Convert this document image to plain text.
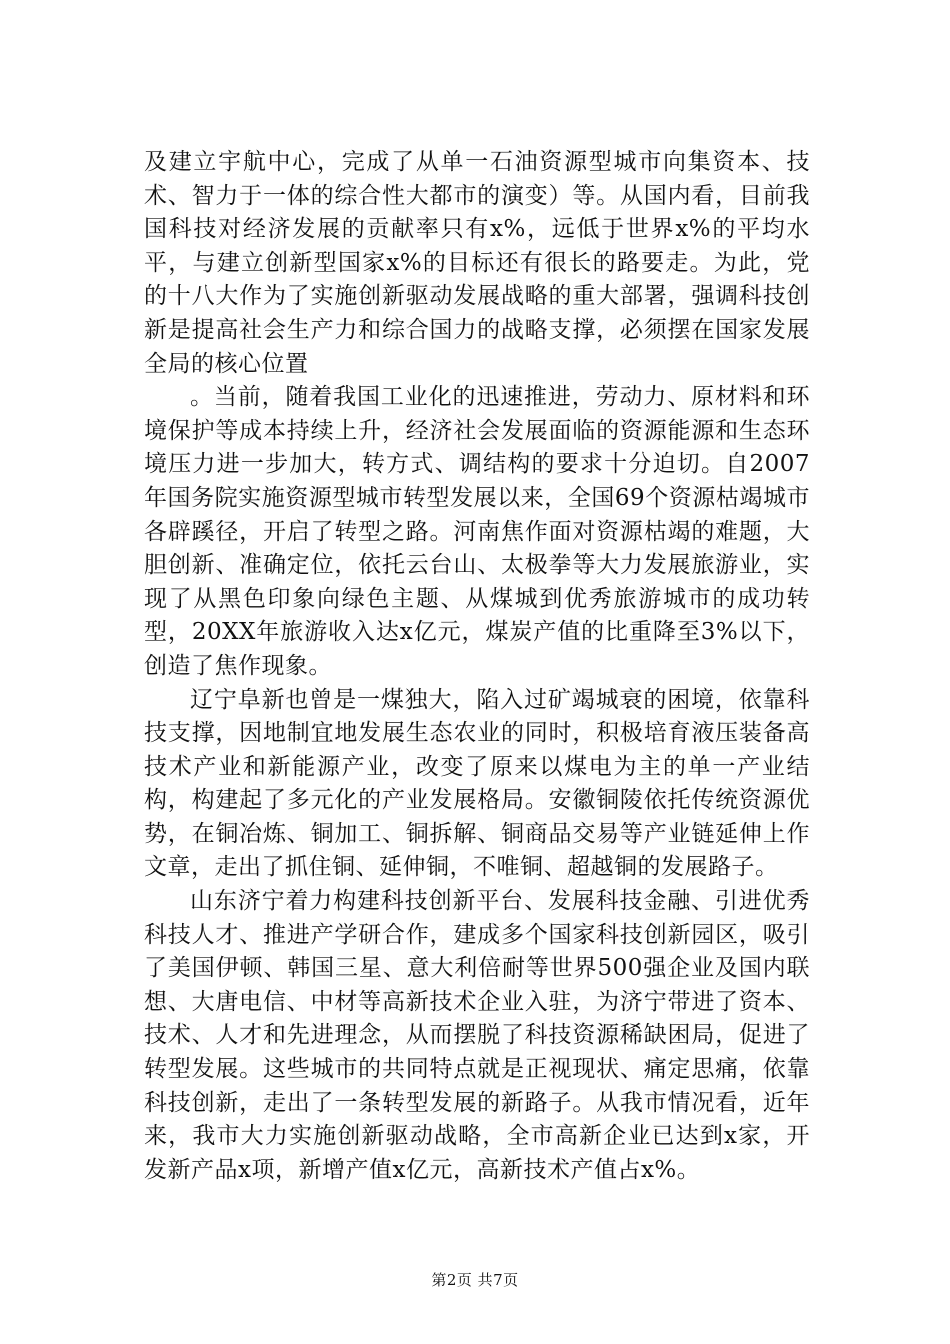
及建立宇航中心，完成了从单一石油资源型城市向集资本、技术、智力于一体的综合性大都市的演变）等。从国内看，目前我国科技对经济发展的贡献率只有x%，远低于世界x%的平均水平，与建立创新型国家x%的目标还有很长的路要走。为此，党的十八大作为了实施创新驱动发展战略的重大部署，强调科技创新是提高社会生产力和综合国力的战略支撑，必须摆在国家发展全局的核心位置

。当前，随着我国工业化的迅速推进，劳动力、原材料和环境保护等成本持续上升，经济社会发展面临的资源能源和生态环境压力进一步加大，转方式、调结构的要求十分迫切。自2007年国务院实施资源型城市转型发展以来，全国69个资源枯竭城市各辟蹊径，开启了转型之路。河南焦作面对资源枯竭的难题，大胆创新、准确定位，依托云台山、太极拳等大力发展旅游业，实现了从黑色印象向绿色主题、从煤城到优秀旅游城市的成功转型，20XX年旅游收入达x亿元，煤炭产值的比重降至3%以下，创造了焦作现象。

辽宁阜新也曾是一煤独大，陷入过矿竭城衰的困境，依靠科技支撑，因地制宜地发展生态农业的同时，积极培育液压装备高技术产业和新能源产业，改变了原来以煤电为主的单一产业结构，构建起了多元化的产业发展格局。安徽铜陵依托传统资源优势，在铜冶炼、铜加工、铜拆解、铜商品交易等产业链延伸上作文章，走出了抓住铜、延伸铜，不唯铜、超越铜的发展路子。

山东济宁着力构建科技创新平台、发展科技金融、引进优秀科技人才、推进产学研合作，建成多个国家科技创新园区，吸引了美国伊顿、韩国三星、意大利倍耐等世界500强企业及国内联想、大唐电信、中材等高新技术企业入驻，为济宁带进了资本、技术、人才和先进理念，从而摆脱了科技资源稀缺困局，促进了转型发展。这些城市的共同特点就是正视现状、痛定思痛，依靠科技创新，走出了一条转型发展的新路子。从我市情况看，近年来，我市大力实施创新驱动战略，全市高新企业已达到x家，开发新产品x项，新增产值x亿元，高新技术产值占x%。

第2页 共7页
